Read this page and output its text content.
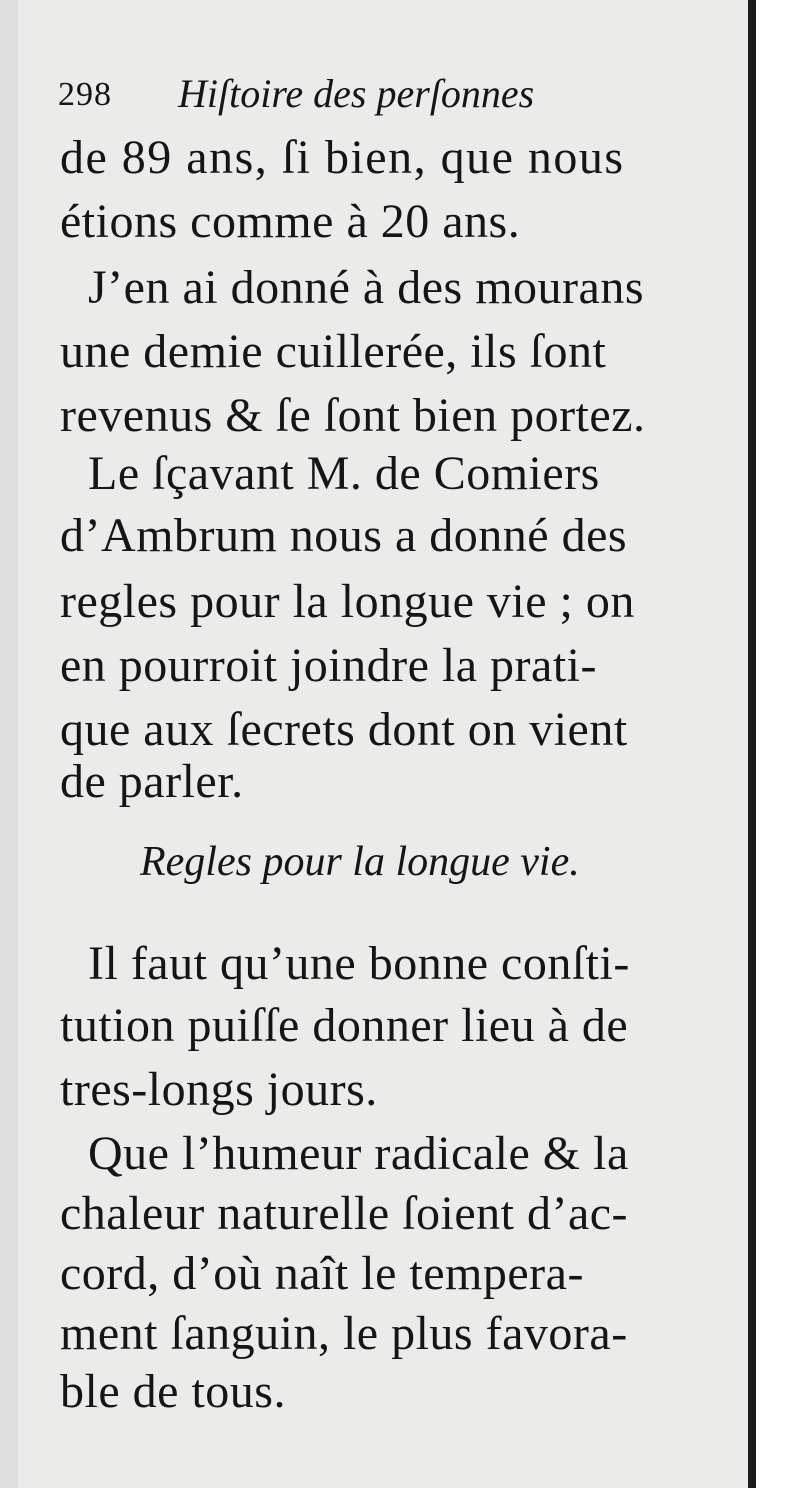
298 Hiſtoire des perſonnes
de 89 ans, ſi bien, que nous
étions comme à 20 ans.
J’en ai donné à des mourans
une demie cuillerée, ils ſont
revenus & ſe ſont bien portez.
Le ſçavant M. de Comiers
d’Ambrum nous a donné des
regles pour la longue vie ; on
en pourroit joindre la prati-
que aux ſecrets dont on vient
de parler.
Regles pour la longue vie.
Il faut qu’une bonne conſti-
tution puiſſe donner lieu à de
tres-longs jours.
Que l’humeur radicale & la
chaleur naturelle ſoient d’ac-
cord, d’où naît le tempera-
ment ſanguin, le plus favora-
ble de tous.
